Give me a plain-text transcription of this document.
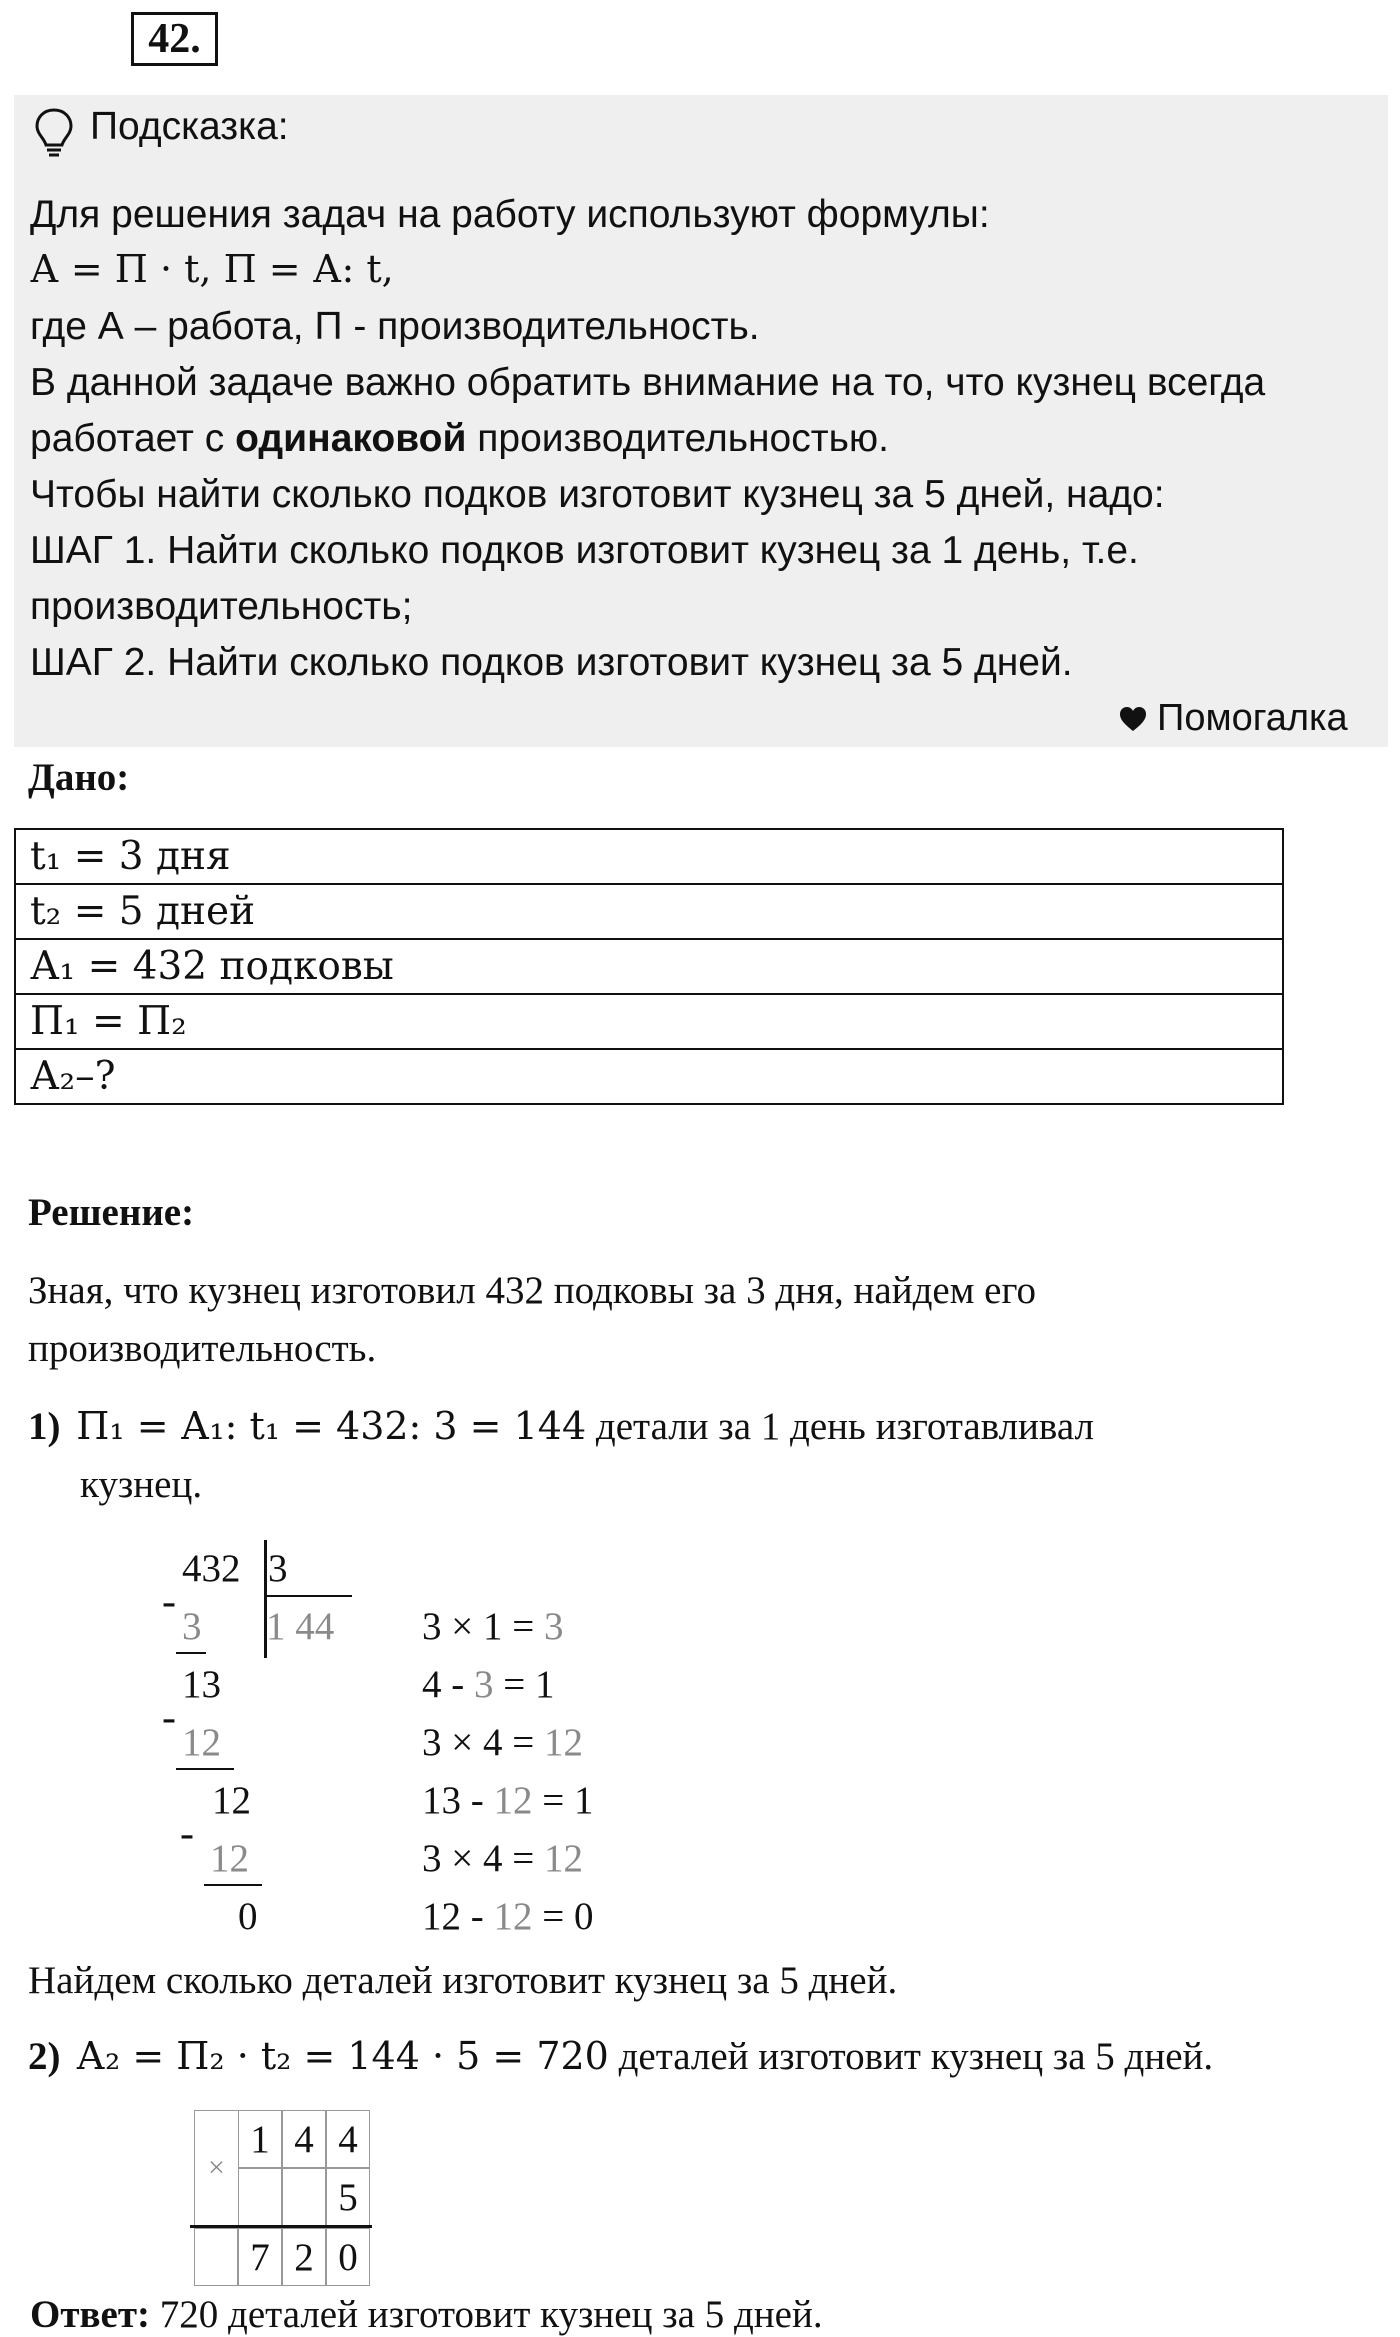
42.
Подсказка:
Для решения задач на работу используют формулы:
А = П · t, П = А: t,
где А – работа, П - производительность.
В данной задаче важно обратить внимание на то, что кузнец всегда
работает с одинаковой производительностью.
Чтобы найти сколько подков изготовит кузнец за 5 дней, надо:
ШАГ 1. Найти сколько подков изготовит кузнец за 1 день, т.е.
производительность;
ШАГ 2. Найти сколько подков изготовит кузнец за 5 дней.
Помогалка
Дано:
t₁ = 3 дня
t₂ = 5 дней
А₁ = 432 подковы
П₁ = П₂
А₂–?
Решение:
Зная, что кузнец изготовил 432 подковы за 3 дня, найдем его
производительность.
1) П₁ = А₁: t₁ = 432: 3 = 144 детали за 1 день изготавливал
кузнец.
432 3
1 44
-
3
13
-
12
12
-
12
0
3 × 1 = 3
4 - 3 = 1
3 × 4 = 12
13 - 12 = 1
3 × 4 = 12
12 - 12 = 0
Найдем сколько деталей изготовит кузнец за 5 дней.
2) А₂ = П₂ · t₂ = 144 · 5 = 720 деталей изготовит кузнец за 5 дней.
×
1 4 4
5
7 2 0
Ответ: 720 деталей изготовит кузнец за 5 дней.
